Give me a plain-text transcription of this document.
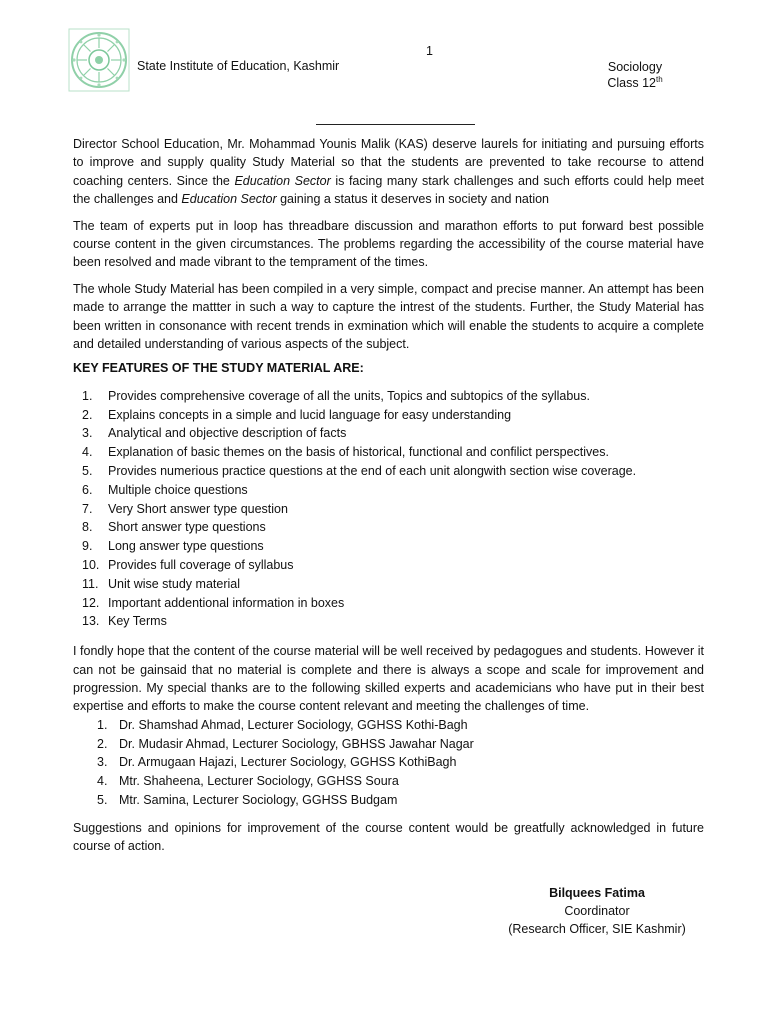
1
State Institute of Education, Kashmir	Sociology
Class 12th

Director School Education, Mr. Mohammad Younis Malik (KAS) deserve laurels for initiating and pursuing efforts to improve and supply quality Study Material so that the students are prevented to take recourse to attend coaching centers. Since the Education Sector is facing many stark challenges and such efforts could help meet the challenges and Education Sector gaining a status it deserves in society and nation

The team of experts put in loop has threadbare discussion and marathon efforts to put forward best possible course content in the given circumstances. The problems regarding the accessibility of the course material have been resolved and made vibrant to the temprament of the times.

The whole Study Material has been compiled in a very simple, compact and precise manner. An attempt has been made to arrange the mattter in such a way to capture the intrest of the students. Further, the Study Material has been written in consonance with recent trends in exmination which will enable the students to acquire a complete and detailed understanding of various aspects of the subject.

KEY FEATURES OF THE STUDY MATERIAL ARE:

1. Provides comprehensive coverage of all the units, Topics and subtopics of the syllabus.
2. Explains concepts in a simple and lucid language for easy understanding
3. Analytical and objective description of facts
4. Explanation of basic themes on the basis of historical, functional and confilict perspectives.
5. Provides numerious practice questions at the end of each unit alongwith section wise coverage.
6. Multiple choice questions
7. Very Short answer type question
8. Short answer type questions
9. Long answer type questions
10. Provides full coverage of syllabus
11. Unit wise study material
12. Important addentional information in boxes
13. Key Terms

I fondly hope that the content of the course material will be well received by pedagogues and students. However it can not be gainsaid that no material is complete and there is always a scope and scale for improvement and progression. My special thanks are to the following skilled experts and academicians who have put in their best expertise and efforts to make the course content relevant and meeting the challenges of time.

1. Dr. Shamshad Ahmad, Lecturer Sociology, GGHSS Kothi-Bagh
2. Dr. Mudasir Ahmad, Lecturer Sociology, GBHSS Jawahar Nagar
3. Dr. Armugaan Hajazi, Lecturer Sociology, GGHSS KothiBagh
4. Mtr. Shaheena, Lecturer Sociology, GGHSS Soura
5. Mtr. Samina, Lecturer Sociology, GGHSS Budgam

Suggestions and opinions for improvement of the course content would be greatfully acknowledged in future course of action.

Bilquees Fatima
Coordinator
(Research Officer, SIE Kashmir)
